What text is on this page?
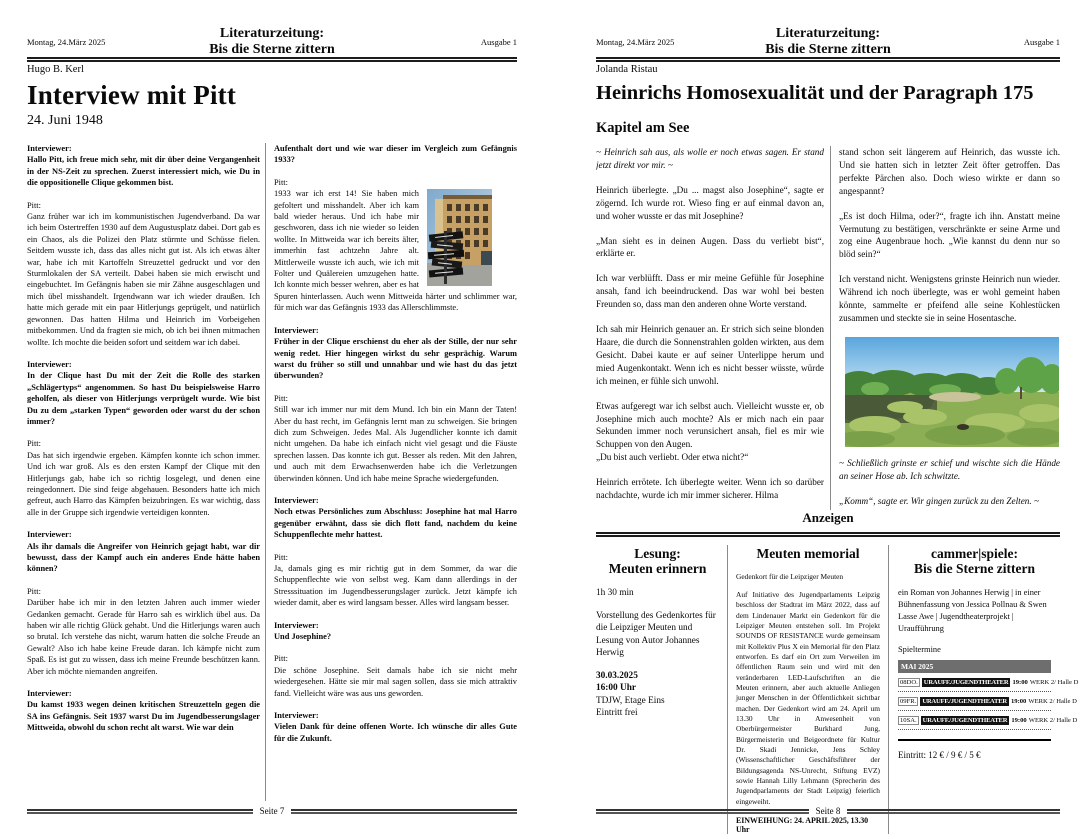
Montag, 24.März 2025
Literaturzeitung:
Bis die Sterne zittern	Ausgabe 1
Hugo B. Kerl
Interview mit Pitt
24. Juni 1948
Interviewer:
Hallo Pitt, ich freue mich sehr, mit dir über deine Vergangenheit in der NS-Zeit zu sprechen. Zuerst interessiert mich, wie Du in die oppositionelle Clique gekommen bist.
Pitt:
Ganz früher war ich im kommunistischen Jugendverband. Da war ich beim Ostertreffen 1930 auf dem Augustusplatz dabei. Dort gab es ein Chaos, als die Polizei den Platz stürmte und Schüsse fielen. Seitdem wusste ich, dass das alles nicht gut ist. Als ich etwas älter war, habe ich mit Kartoffeln Streuzettel gedruckt und vor den Sturmlokalen der SA verteilt. Dabei haben sie mich erwischt und eingebuchtet. Im Gefängnis haben sie mir Zähne ausgeschlagen und mich übel misshandelt. Irgendwann war ich wieder draußen. Ich hatte mich gerade mit ein paar Hitlerjungs geprügelt, und natürlich gewonnen. Das hatten Hilma und Heinrich im Vorbeigehen mitbekommen. Und da fragten sie mich, ob ich bei ihnen mitmachen wollte. Ich mochte die beiden sofort und seitdem war ich dabei.
Interviewer:
In der Clique hast Du mit der Zeit die Rolle des starken „Schlägertyps“ angenommen. So hast Du beispielsweise Harro geholfen, als dieser von Hitlerjungs verprügelt wurde. Wie bist Du zu dem „starken Typen“ geworden oder warst du der schon immer?
Pitt:
Das hat sich irgendwie ergeben. Kämpfen konnte ich schon immer. Und ich war groß. Als es den ersten Kampf der Clique mit den Hitlerjungs gab, habe ich so richtig losgelegt, und denen eine reingedonnert. Die sind feige abgehauen. Besonders hatte ich mich gefreut, auch Harro das Kämpfen beizubringen. Es war wichtig, dass alle in der Gruppe sich irgendwie verteidigen konnten.
Interviewer:
Als ihr damals die Angreifer von Heinrich gejagt habt, war dir bewusst, dass der Kampf auch ein anderes Ende hätte haben können?
Pitt:
Darüber habe ich mir in den letzten Jahren auch immer wieder Gedanken gemacht. Gerade für Harro sah es wirklich übel aus. Da haben wir alle richtig Glück gehabt. Und die Hitlerjungs waren auch so brutal. Ich verstehe das nicht, warum hatten die solche Freude an Gewalt? Also ich habe keine Freude daran. Ich kämpfe nicht zum Spaß. Es ist gut zu wissen, dass ich meine Freunde beschützen kann. Aber ich möchte niemanden angreifen.
Interviewer:
Du kamst 1933 wegen deinen kritischen Streuzetteln gegen die SA ins Gefängnis. Seit 1937 warst Du im Jugendbesserungslager Mittweida, obwohl du schon recht alt warst. Wie war dein
Aufenthalt dort und wie war dieser im Vergleich zum Gefängnis 1933?
Pitt:
1933 war ich erst 14! Sie haben mich gefoltert und misshandelt. Aber ich kam bald wieder heraus. Und ich habe mir geschworen, dass ich nie wieder so leiden wollte. In Mittweida war ich bereits älter, immerhin fast achtzehn Jahre alt. Mittlerweile wusste ich auch, wie ich mit Folter und Quälereien umzugehen hatte. Ich konnte mich besser wehren, aber es hat Spuren hinterlassen. Auch wenn Mittweida härter und schlimmer war, für mich war das Gefängnis 1933 das Allerschlimmste.
Interviewer:
Früher in der Clique erschienst du eher als der Stille, der nur sehr wenig redet. Hier hingegen wirkst du sehr gesprächig. Warum warst du früher so still und unnahbar und wie hast du das jetzt überwunden?
Pitt:
Still war ich immer nur mit dem Mund. Ich bin ein Mann der Taten! Aber du hast recht, im Gefängnis lernt man zu schweigen. Sie bringen dich zum Schweigen. Jedes Mal. Als Jugendlicher konnte ich damit nicht umgehen. Da habe ich einfach nicht viel gesagt und die Fäuste sprechen lassen. Das konnte ich gut. Besser als reden. Mit den Jahren, und auch mit dem Erwachsenwerden habe ich die Verletzungen überwinden können. Und ich habe meine Sprache wiedergefunden.
Interviewer:
Noch etwas Persönliches zum Abschluss: Josephine hat mal Harro gegenüber erwähnt, dass sie dich flott fand, nachdem du keine Schuppenflechte mehr hattest.
Pitt:
Ja, damals ging es mir richtig gut in dem Sommer, da war die Schuppenflechte wie von selbst weg. Kam dann allerdings in der Stresssituation im Jugendbesserungslager zurück. Jetzt kämpfe ich wieder damit, aber es wird langsam besser. Alles wird langsam besser.
Interviewer:
Und Josephine?
Pitt:
Die schöne Josephine. Seit damals habe ich sie nicht mehr wiedergesehen. Hätte sie mir mal sagen sollen, dass sie mich attraktiv fand. Vielleicht wäre was aus uns geworden.
Interviewer:
Vielen Dank für deine offenen Worte. Ich wünsche dir alles Gute für die Zukunft.
Seite 7
Montag, 24.März 2025
Literaturzeitung:
Bis die Sterne zittern	Ausgabe 1
Jolanda Ristau
Heinrichs Homosexualität und der Paragraph 175
Kapitel am See

~ Heinrich sah aus, als wolle er noch etwas sagen. Er stand jetzt direkt vor mir. ~

Heinrich überlegte. „Du ... magst also Josephine“, sagte er zögernd. Ich wurde rot. Wieso fing er auf einmal davon an, und woher wusste er das mit Josephine?

„Man sieht es in deinen Augen. Dass du verliebt bist“, erklärte er.

Ich war verblüfft. Dass er mir meine Gefühle für Josephine ansah, fand ich beeindruckend. Das war wohl bei besten Freunden so, dass man den anderen ohne Worte verstand.

Ich sah mir Heinrich genauer an. Er strich sich seine blonden Haare, die durch die Sonnenstrahlen golden wirkten, aus dem Gesicht. Dabei kaute er auf seiner Unterlippe herum und mied Augenkontakt. Wenn ich es nicht besser wüsste, würde ich meinen, er fühle sich unwohl.

Etwas aufgeregt war ich selbst auch. Vielleicht wusste er, ob Josephine mich auch mochte? Als er mich nach ein paar Sekunden immer noch verunsichert ansah, fiel es mir wie Schuppen von den Augen.

„Du bist auch verliebt. Oder etwa nicht?“

Heinrich errötete. Ich überlegte weiter. Wenn ich so darüber nachdachte, wurde ich mir immer sicherer. Hilma

stand schon seit längerem auf Heinrich, das wusste ich. Und sie hatten sich in letzter Zeit öfter getroffen. Das perfekte Pärchen also. Doch wieso wirkte er dann so angespannt?

„Es ist doch Hilma, oder?“, fragte ich ihn. Anstatt meine Vermutung zu bestätigen, verschränkte er seine Arme und zog eine Augenbraue hoch. „Wie kannst du denn nur so blöd sein?“

Ich verstand nicht. Wenigstens grinste Heinrich nun wieder. Während ich noch überlegte, was er wohl gemeint haben könnte, sammelte er pfeifend alle seine Kohlestücken zusammen und steckte sie in seine Hosentasche.

~ Schließlich grinste er schief und wischte sich die Hände an seiner Hose ab. Ich schwitzte.

„Komm“, sagte er. Wir gingen zurück zu den Zelten. ~

Anzeigen
Lesung:
Meuten erinnern
1h 30 min
Vorstellung des Gedenkortes für die Leipziger Meuten und Lesung von Autor Johannes Herwig
30.03.2025
16:00 Uhr
TDJW, Etage Eins
Eintritt frei
Meuten memorial
Gedenkort für die Leipziger Meuten
Auf Initiative des Jugendparlaments Leipzig beschloss der Stadtrat im März 2022, dass auf dem Lindenauer Markt ein Gedenkort für die Leipziger Meuten entstehen soll. Im Projekt SOUNDS OF RESISTANCE wurde gemeinsam mit Kollektiv Plus X ein Memorial für den Platz entworfen. Es darf ein Ort zum Verweilen im öffentlichen Raum sein und wird mit den veränderbaren LED-Laufschriften an die Meuten erinnern, aber auch aktuelle Anliegen junger Menschen in der Öffentlichkeit sichtbar machen. Der Gedenkort wird am 24. April um 13.30 Uhr in Anwesenheit von Oberbürgermeister Burkhard Jung, Bürgermeisterin und Beigeordnete für Kultur Dr. Skadi Jennicke, Jens Schley (Wissenschaftlicher Geschäftsführer der Bildungsagenda NS-Unrecht, Stiftung EVZ) sowie Hannah Lilly Lehmann (Sprecherin des Jugendparlaments der Stadt Leipzig) feierlich eingeweiht.
EINWEIHUNG: 24. APRIL 2025, 13.30 Uhr
cammer|spiele:
Bis die Sterne zittern
ein Roman von Johannes Herwig | in einer Bühnenfassung von Jessica Pollnau & Swen Lasse Awe | Jugendtheaterprojekt | Uraufführung
Spieltermine
MAI 2025
08DO. URAUFF./JUGENDTHEATER 19:00 WERK 2/ Halle D
09FR. URAUFF./JUGENDTHEATER 19:00 WERK 2/ Halle D
10SA. URAUFF./JUGENDTHEATER 19:00 WERK 2/ Halle D
Eintritt: 12 € / 9 € / 5 €
Seite 8
